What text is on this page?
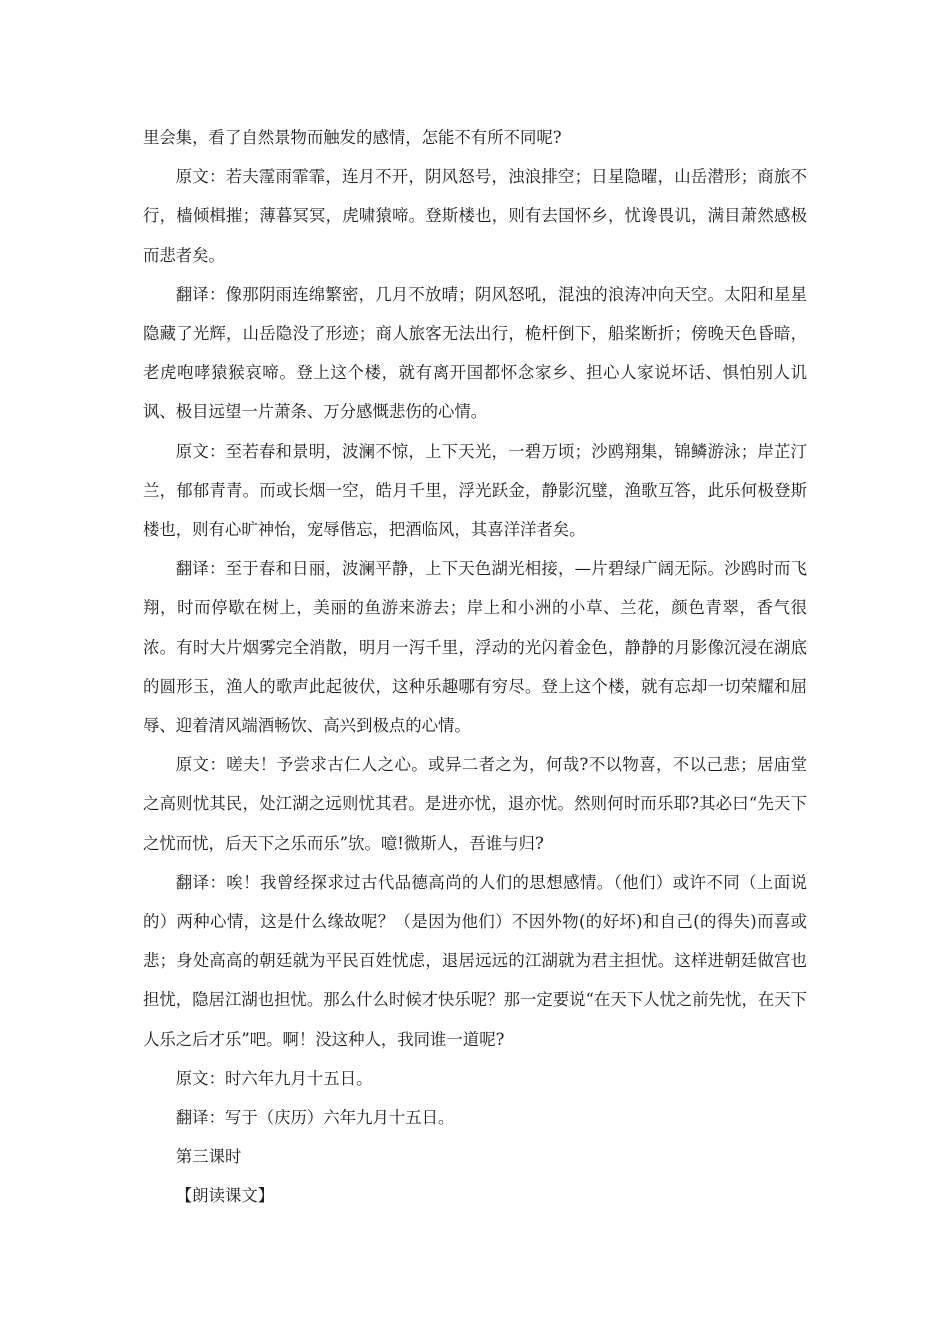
里会集，看了自然景物而触发的感情，怎能不有所不同呢?

原文：若夫霪雨霏霏，连月不开，阴风怒号，浊浪排空；日星隐曜，山岳潜形；商旅不行，樯倾楫摧；薄暮冥冥，虎啸猿啼。登斯楼也，则有去国怀乡，忧谗畏讥，满目萧然感极而悲者矣。

翻译：像那阴雨连绵繁密，几月不放晴；阴风怒吼，混浊的浪涛冲向天空。太阳和星星隐藏了光辉，山岳隐没了形迹；商人旅客无法出行，桅杆倒下，船桨断折；傍晚天色昏暗，老虎咆哮猿猴哀啼。登上这个楼，就有离开国都怀念家乡、担心人家说坏话、惧怕别人讥讽、极目远望一片萧条、万分感慨悲伤的心情。

原文：至若春和景明，波澜不惊，上下天光，一碧万顷；沙鸥翔集，锦鳞游泳；岸芷汀兰，郁郁青青。而或长烟一空，皓月千里，浮光跃金，静影沉璧，渔歌互答，此乐何极登斯楼也，则有心旷神怡，宠辱偕忘，把酒临风，其喜洋洋者矣。

翻译：至于春和日丽，波澜平静，上下天色湖光相接，—片碧绿广阔无际。沙鸥时而飞翔，时而停歇在树上，美丽的鱼游来游去；岸上和小洲的小草、兰花，颜色青翠，香气很浓。有时大片烟雾完全消散，明月一泻千里，浮动的光闪着金色，静静的月影像沉浸在湖底的圆形玉，渔人的歌声此起彼伏，这种乐趣哪有穷尽。登上这个楼，就有忘却一切荣耀和屈辱、迎着清风端酒畅饮、高兴到极点的心情。

原文：嗟夫！予尝求古仁人之心。或异二者之为，何哉?不以物喜，不以己悲；居庙堂之高则忧其民，处江湖之远则忧其君。是进亦忧，退亦忧。然则何时而乐耶?其必曰“先天下之忧而忧，后天下之乐而乐”欤。噫!微斯人，吾谁与归?

翻译：唉！我曾经探求过古代品德高尚的人们的思想感情。（他们）或许不同（上面说的）两种心情，这是什么缘故呢？（是因为他们）不因外物(的好坏)和自己(的得失)而喜或悲；身处高高的朝廷就为平民百姓忧虑，退居远远的江湖就为君主担忧。这样进朝廷做宫也担忧，隐居江湖也担忧。那么什么时候才快乐呢？那一定要说“在天下人忧之前先忧，在天下人乐之后才乐”吧。啊！没这种人，我同谁一道呢?

原文：时六年九月十五日。

翻译：写于（庆历）六年九月十五日。

第三课时

【朗读课文】
